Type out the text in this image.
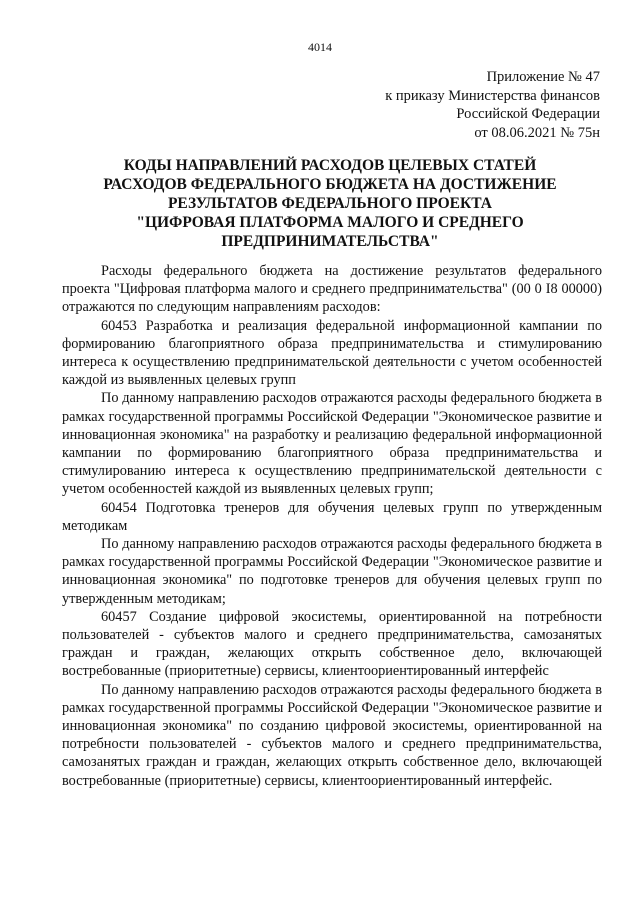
4014
Приложение № 47
к приказу Министерства финансов
Российской Федерации
от 08.06.2021 № 75н
КОДЫ НАПРАВЛЕНИЙ РАСХОДОВ ЦЕЛЕВЫХ СТАТЕЙ
РАСХОДОВ ФЕДЕРАЛЬНОГО БЮДЖЕТА НА ДОСТИЖЕНИЕ
РЕЗУЛЬТАТОВ ФЕДЕРАЛЬНОГО ПРОЕКТА
"ЦИФРОВАЯ ПЛАТФОРМА МАЛОГО И СРЕДНЕГО
ПРЕДПРИНИМАТЕЛЬСТВА"

Расходы федерального бюджета на достижение результатов федерального проекта "Цифровая платформа малого и среднего предпринимательства" (00 0 I8 00000) отражаются по следующим направлениям расходов:

60453 Разработка и реализация федеральной информационной кампании по формированию благоприятного образа предпринимательства и стимулированию интереса к осуществлению предпринимательской деятельности с учетом особенностей каждой из выявленных целевых групп

По данному направлению расходов отражаются расходы федерального бюджета в рамках государственной программы Российской Федерации "Экономическое развитие и инновационная экономика" на разработку и реализацию федеральной информационной кампании по формированию благоприятного образа предпринимательства и стимулированию интереса к осуществлению предпринимательской деятельности с учетом особенностей каждой из выявленных целевых групп;

60454 Подготовка тренеров для обучения целевых групп по утвержденным методикам

По данному направлению расходов отражаются расходы федерального бюджета в рамках государственной программы Российской Федерации "Экономическое развитие и инновационная экономика" по подготовке тренеров для обучения целевых групп по утвержденным методикам;

60457 Создание цифровой экосистемы, ориентированной на потребности пользователей - субъектов малого и среднего предпринимательства, самозанятых граждан и граждан, желающих открыть собственное дело, включающей востребованные (приоритетные) сервисы, клиентоориентированный интерфейс

По данному направлению расходов отражаются расходы федерального бюджета в рамках государственной программы Российской Федерации "Экономическое развитие и инновационная экономика" по созданию цифровой экосистемы, ориентированной на потребности пользователей - субъектов малого и среднего предпринимательства, самозанятых граждан и граждан, желающих открыть собственное дело, включающей востребованные (приоритетные) сервисы, клиентоориентированный интерфейс.
